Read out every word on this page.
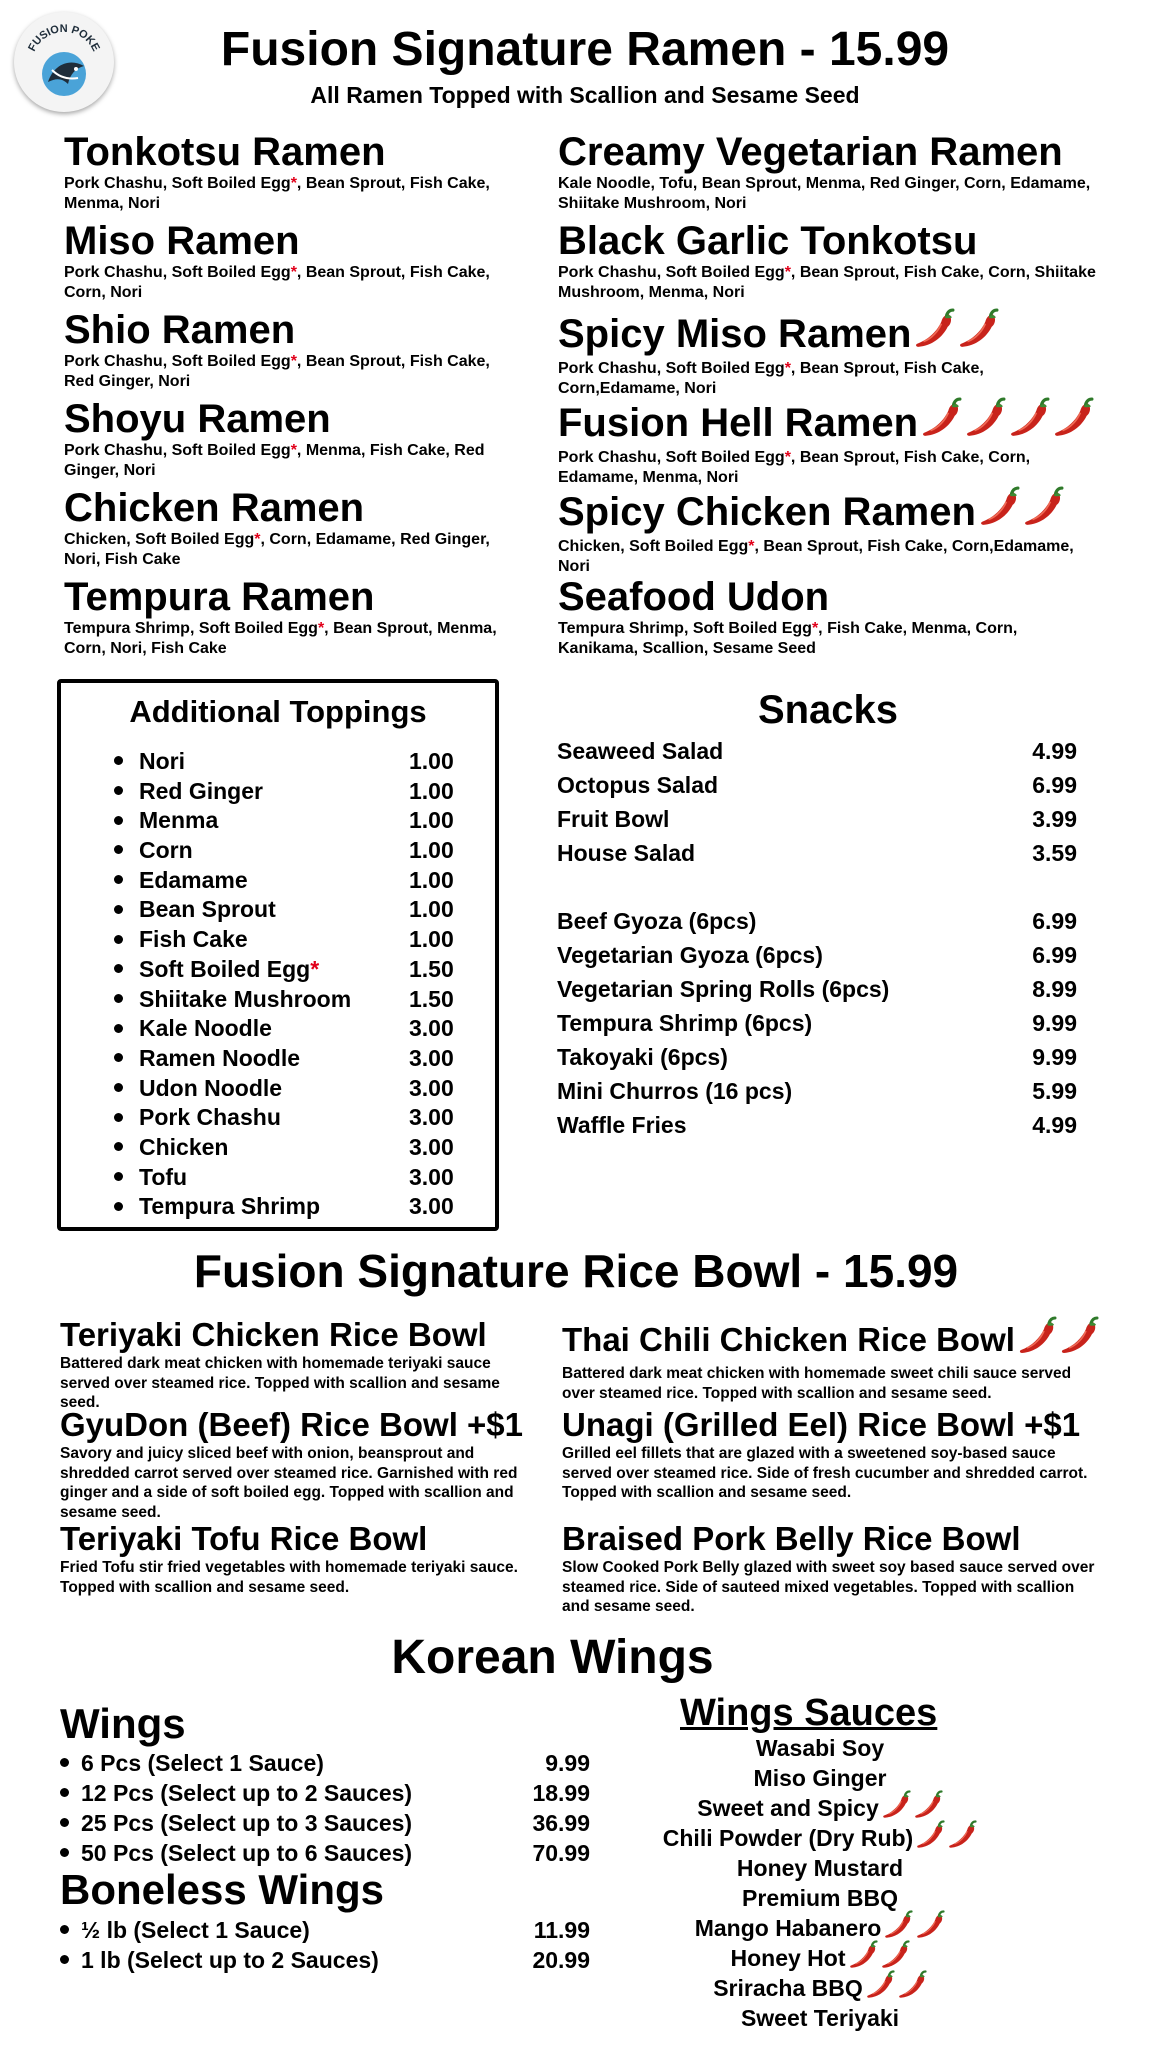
FUSION POKE	Fusion Signature Ramen - 15.99
All Ramen Topped with Scallion and Sesame Seed
Tonkotsu Ramen
Pork Chashu, Soft Boiled Egg*, Bean Sprout, Fish Cake, Menma, Nori
Miso Ramen
Pork Chashu, Soft Boiled Egg*, Bean Sprout, Fish Cake, Corn, Nori
Shio Ramen
Pork Chashu, Soft Boiled Egg*, Bean Sprout, Fish Cake, Red Ginger, Nori
Shoyu Ramen
Pork Chashu, Soft Boiled Egg*, Menma, Fish Cake, Red Ginger, Nori
Chicken Ramen
Chicken, Soft Boiled Egg*, Corn, Edamame, Red Ginger, Nori, Fish Cake
Tempura Ramen
Tempura Shrimp, Soft Boiled Egg*, Bean Sprout, Menma, Corn, Nori, Fish Cake
Creamy Vegetarian Ramen
Kale Noodle, Tofu, Bean Sprout, Menma, Red Ginger, Corn, Edamame, Shiitake Mushroom, Nori
Black Garlic Tonkotsu
Pork Chashu, Soft Boiled Egg*, Bean Sprout, Fish Cake, Corn, Shiitake Mushroom, Menma, Nori
Spicy Miso Ramen
Pork Chashu, Soft Boiled Egg*, Bean Sprout, Fish Cake, Corn,Edamame, Nori
Fusion Hell Ramen
Pork Chashu, Soft Boiled Egg*, Bean Sprout, Fish Cake, Corn, Edamame, Menma, Nori
Spicy Chicken Ramen
Chicken, Soft Boiled Egg*, Bean Sprout, Fish Cake, Corn,Edamame, Nori
Seafood Udon
Tempura Shrimp, Soft Boiled Egg*, Fish Cake, Menma, Corn, Kanikama, Scallion, Sesame Seed
Additional Toppings
Nori	1.00
Red Ginger	1.00
Menma	1.00
Corn	1.00
Edamame	1.00
Bean Sprout	1.00
Fish Cake	1.00
Soft Boiled Egg*	1.50
Shiitake Mushroom	1.50
Kale Noodle	3.00
Ramen Noodle	3.00
Udon Noodle	3.00
Pork Chashu	3.00
Chicken	3.00
Tofu	3.00
Tempura Shrimp	3.00
Snacks
Seaweed Salad	4.99
Octopus Salad	6.99
Fruit Bowl	3.99
House Salad	3.59
Beef Gyoza (6pcs)	6.99
Vegetarian Gyoza (6pcs)	6.99
Vegetarian Spring Rolls (6pcs)	8.99
Tempura Shrimp (6pcs)	9.99
Takoyaki (6pcs)	9.99
Mini Churros (16 pcs)	5.99
Waffle Fries	4.99
Fusion Signature Rice Bowl - 15.99
Teriyaki Chicken Rice Bowl
Battered dark meat chicken with homemade teriyaki sauce served over steamed rice. Topped with scallion and sesame seed.
GyuDon (Beef) Rice Bowl +$1
Savory and juicy sliced beef with onion, beansprout and shredded carrot served over steamed rice. Garnished with red ginger and a side of soft boiled egg. Topped with scallion and sesame seed.
Teriyaki Tofu Rice Bowl
Fried Tofu stir fried vegetables with homemade teriyaki sauce. Topped with scallion and sesame seed.
Thai Chili Chicken Rice Bowl
Battered dark meat chicken with homemade sweet chili sauce served over steamed rice. Topped with scallion and sesame seed.
Unagi (Grilled Eel) Rice Bowl +$1
Grilled eel fillets that are glazed with a sweetened soy-based sauce served over steamed rice. Side of fresh cucumber and shredded carrot. Topped with scallion and sesame seed.
Braised Pork Belly Rice Bowl
Slow Cooked Pork Belly glazed with sweet soy based sauce served over steamed rice. Side of sauteed mixed vegetables. Topped with scallion and sesame seed.
Korean Wings
Wings
6 Pcs (Select 1 Sauce)	9.99
12 Pcs (Select up to 2 Sauces)	18.99
25 Pcs (Select up to 3 Sauces)	36.99
50 Pcs (Select up to 6 Sauces)	70.99
Boneless Wings
½ lb (Select 1 Sauce)	11.99
1 lb (Select up to 2 Sauces)	20.99
Wings Sauces
Wasabi Soy
Miso Ginger
Sweet and Spicy
Chili Powder (Dry Rub)
Honey Mustard
Premium BBQ
Mango Habanero
Honey Hot
Sriracha BBQ
Sweet Teriyaki
